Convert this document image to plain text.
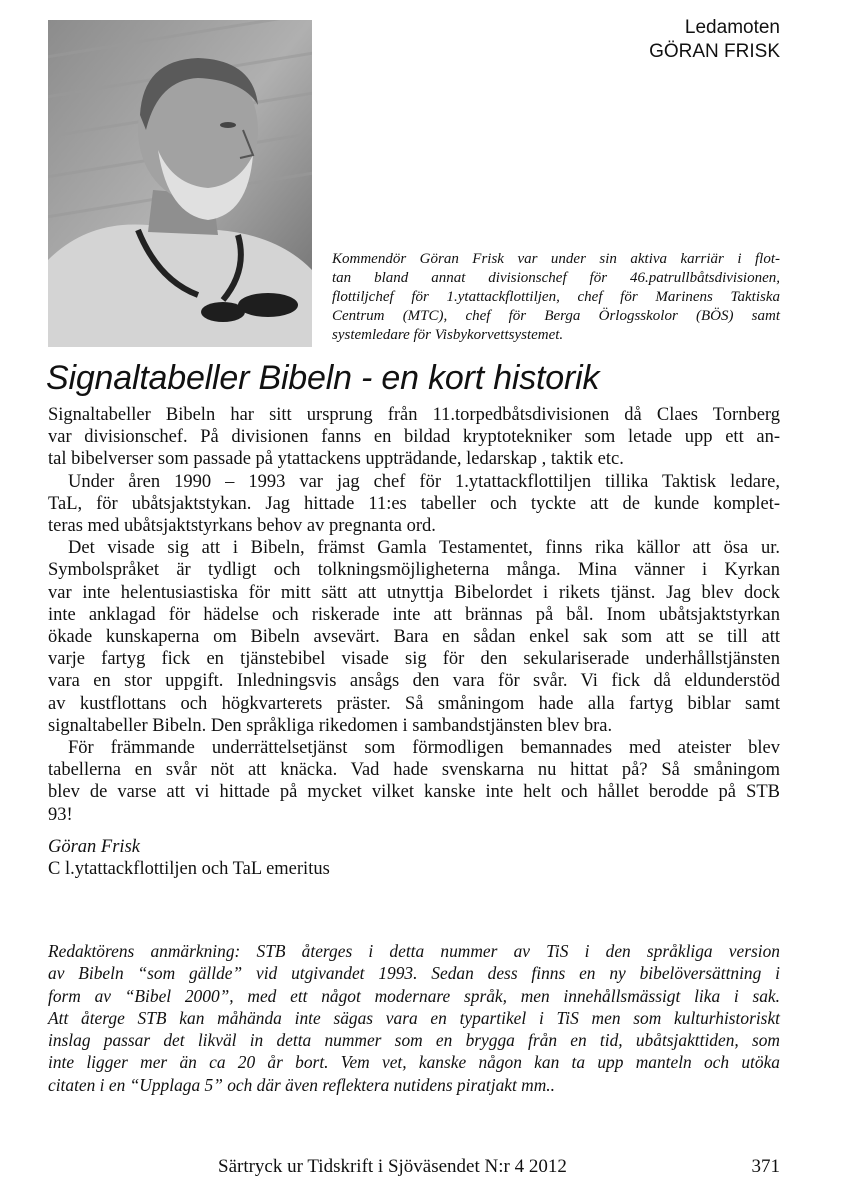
Ledamoten
GÖRAN FRISK
Kommendör Göran Frisk var under sin aktiva karriär i flot-
tan bland annat divisionschef för 46.patrullbåtsdivisionen,
flottiljchef för 1.ytattackflottiljen, chef för Marinens Taktiska
Centrum (MTC), chef för Berga Örlogsskolor (BÖS) samt
systemledare för Visbykorvettsystemet.
Signaltabeller Bibeln - en kort historik
Signaltabeller Bibeln har sitt ursprung från 11.torpedbåtsdivisionen då Claes Tornberg
var divisionschef. På divisionen fanns en bildad kryptotekniker som letade upp ett an-
tal bibelverser som passade på ytattackens uppträdande, ledarskap , taktik etc.
Under åren 1990 – 1993 var jag chef för 1.ytattackflottiljen tillika Taktisk ledare,
TaL, för ubåtsjaktstykan. Jag hittade 11:es tabeller och tyckte att de kunde komplet-
teras med ubåtsjaktstyrkans behov av pregnanta ord.
Det visade sig att i Bibeln, främst Gamla Testamentet, finns rika källor att ösa ur.
Symbolspråket är tydligt och tolkningsmöjligheterna många. Mina vänner i Kyrkan
var inte helentusiastiska för mitt sätt att utnyttja Bibelordet i rikets tjänst. Jag blev dock
inte anklagad för hädelse och riskerade inte att brännas på bål. Inom ubåtsjaktstyrkan
ökade kunskaperna om Bibeln avsevärt. Bara en sådan enkel sak som att se till att
varje fartyg fick en tjänstebibel visade sig för den sekulariserade underhållstjänsten
vara en stor uppgift. Inledningsvis ansågs den vara för svår. Vi fick då eldunderstöd
av kustflottans och högkvarterets präster. Så småningom hade alla fartyg biblar samt
signaltabeller Bibeln. Den språkliga rikedomen i sambandstjänsten blev bra.
För främmande underrättelsetjänst som förmodligen bemannades med ateister blev
tabellerna en svår nöt att knäcka. Vad hade svenskarna nu hittat på? Så småningom
blev de varse att vi hittade på mycket vilket kanske inte helt och hållet berodde på STB
93!
Göran Frisk
C l.ytattackflottiljen och TaL emeritus
Redaktörens anmärkning: STB återges i detta nummer av TiS i den språkliga version
av Bibeln “som gällde” vid utgivandet 1993. Sedan dess finns en ny bibelöversättning i
form av “Bibel 2000”, med ett något modernare språk, men innehållsmässigt lika i sak.
Att återge STB kan måhända inte sägas vara en typartikel i TiS men som kulturhistoriskt
inslag passar det likväl in detta nummer som en brygga från en tid, ubåtsjakttiden, som
inte ligger mer än ca 20 år bort. Vem vet, kanske någon kan ta upp manteln och utöka
citaten i en “Upplaga 5” och där även reflektera nutidens piratjakt mm..
Särtryck ur Tidskrift i Sjöväsendet N:r 4 2012	371
